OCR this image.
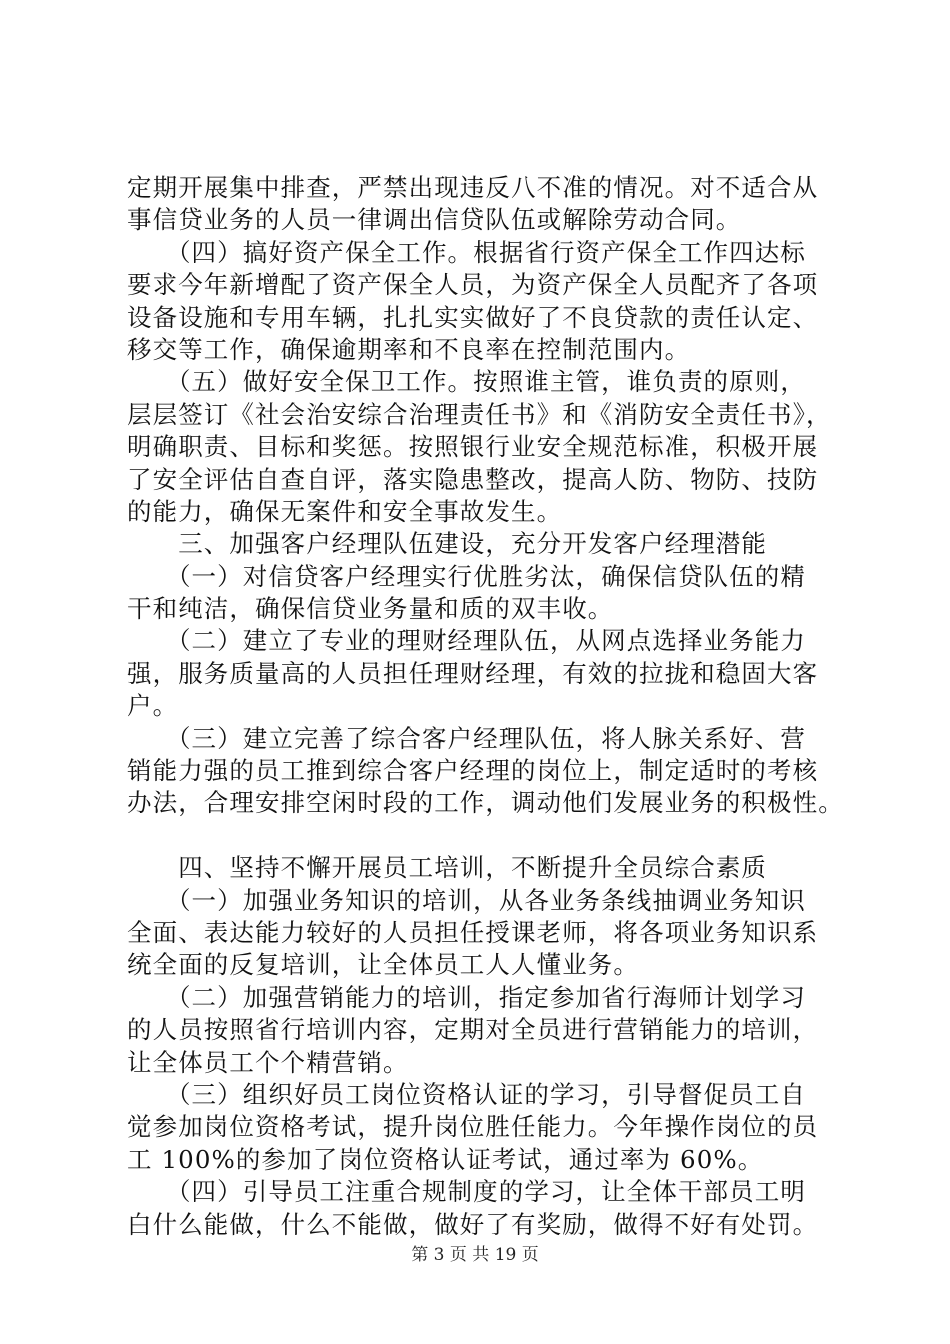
定期开展集中排查，严禁出现违反八不准的情况。对不适合从
事信贷业务的人员一律调出信贷队伍或解除劳动合同。
　　（四）搞好资产保全工作。根据省行资产保全工作四达标
要求今年新增配了资产保全人员，为资产保全人员配齐了各项
设备设施和专用车辆，扎扎实实做好了不良贷款的责任认定、
移交等工作，确保逾期率和不良率在控制范围内。
　　（五）做好安全保卫工作。按照谁主管，谁负责的原则，
层层签订《社会治安综合治理责任书》和《消防安全责任书》，
明确职责、目标和奖惩。按照银行业安全规范标准，积极开展
了安全评估自查自评，落实隐患整改，提高人防、物防、技防
的能力，确保无案件和安全事故发生。
　　三、加强客户经理队伍建设，充分开发客户经理潜能
　　（一）对信贷客户经理实行优胜劣汰，确保信贷队伍的精
干和纯洁，确保信贷业务量和质的双丰收。
　　（二）建立了专业的理财经理队伍，从网点选择业务能力
强，服务质量高的人员担任理财经理，有效的拉拢和稳固大客
户。
　　（三）建立完善了综合客户经理队伍，将人脉关系好、营
销能力强的员工推到综合客户经理的岗位上，制定适时的考核
办法，合理安排空闲时段的工作，调动他们发展业务的积极性。
　　四、坚持不懈开展员工培训，不断提升全员综合素质
　　（一）加强业务知识的培训，从各业务条线抽调业务知识
全面、表达能力较好的人员担任授课老师，将各项业务知识系
统全面的反复培训，让全体员工人人懂业务。
　　（二）加强营销能力的培训，指定参加省行海师计划学习
的人员按照省行培训内容，定期对全员进行营销能力的培训，
让全体员工个个精营销。
　　（三）组织好员工岗位资格认证的学习，引导督促员工自
觉参加岗位资格考试，提升岗位胜任能力。今年操作岗位的员
工 100%的参加了岗位资格认证考试，通过率为 60%。
　　（四）引导员工注重合规制度的学习，让全体干部员工明
白什么能做，什么不能做，做好了有奖励，做得不好有处罚。
第 3 页 共 19 页
